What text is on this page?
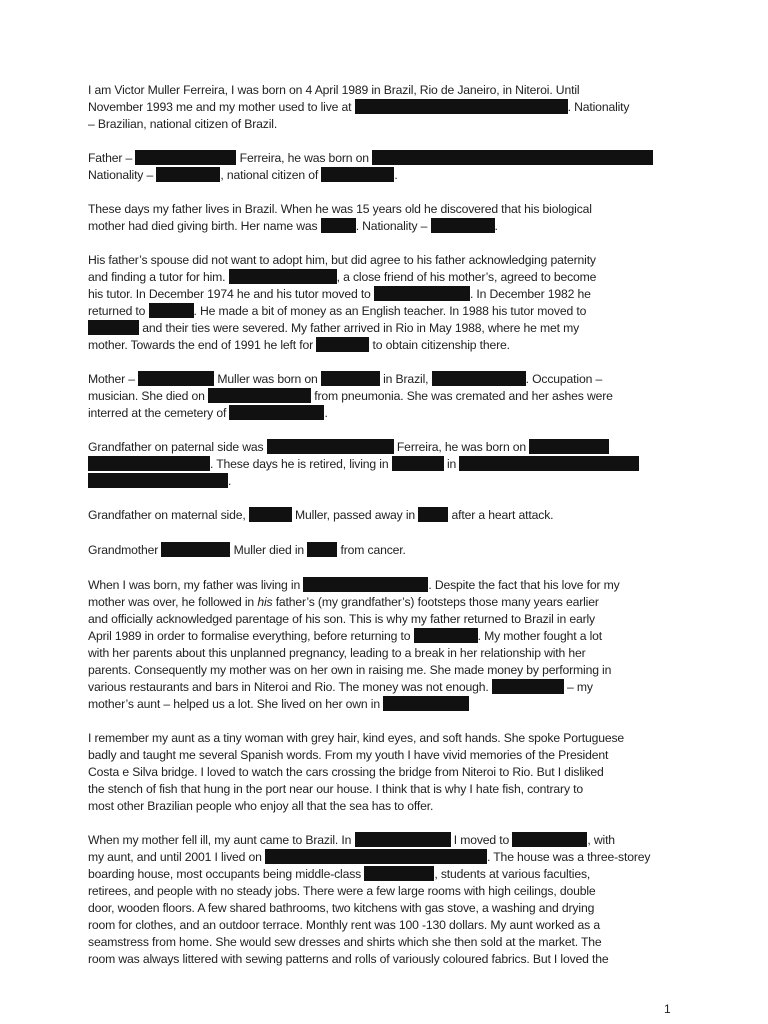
I am Victor Muller Ferreira, I was born on 4 April 1989 in Brazil, Rio de Janeiro, in Niteroi. Until
November 1993 me and my mother used to live at	. Nationality
– Brazilian, national citizen of Brazil.

Father –	Ferreira, he was born on
Nationality –	, national citizen of	.

These days my father lives in Brazil. When he was 15 years old he discovered that his biological
mother had died giving birth. Her name was	. Nationality –	.

His father’s spouse did not want to adopt him, but did agree to his father acknowledging paternity
and finding a tutor for him.	, a close friend of his mother’s, agreed to become
his tutor. In December 1974 he and his tutor moved to	. In December 1982 he
returned to	. He made a bit of money as an English teacher. In 1988 his tutor moved to
and their ties were severed. My father arrived in Rio in May 1988, where he met my
mother. Towards the end of 1991 he left for	to obtain citizenship there.

Mother –	Muller was born on	in Brazil,	. Occupation –
musician. She died on	from pneumonia. She was cremated and her ashes were
interred at the cemetery of	.

Grandfather on paternal side was	Ferreira, he was born on
. These days he is retired, living in	in
.

Grandfather on maternal side,	Muller, passed away in  after a heart attack.

Grandmother	Muller died in  from cancer.

When I was born, my father was living in	. Despite the fact that his love for my
mother was over, he followed in his father’s (my grandfather’s) footsteps those many years earlier
and officially acknowledged parentage of his son. This is why my father returned to Brazil in early
April 1989 in order to formalise everything, before returning to	. My mother fought a lot
with her parents about this unplanned pregnancy, leading to a break in her relationship with her
parents. Consequently my mother was on her own in raising me. She made money by performing in
various restaurants and bars in Niteroi and Rio. The money was not enough.	– my
mother’s aunt – helped us a lot. She lived on her own in

I remember my aunt as a tiny woman with grey hair, kind eyes, and soft hands. She spoke Portuguese
badly and taught me several Spanish words. From my youth I have vivid memories of the President
Costa e Silva bridge. I loved to watch the cars crossing the bridge from Niteroi to Rio. But I disliked
the stench of fish that hung in the port near our house. I think that is why I hate fish, contrary to
most other Brazilian people who enjoy all that the sea has to offer.

When my mother fell ill, my aunt came to Brazil. In	I moved to	, with
my aunt, and until 2001 I lived on	. The house was a three-storey
boarding house, most occupants being middle-class	, students at various faculties,
retirees, and people with no steady jobs. There were a few large rooms with high ceilings, double
door, wooden floors. A few shared bathrooms, two kitchens with gas stove, a washing and drying
room for clothes, and an outdoor terrace. Monthly rent was 100 -130 dollars. My aunt worked as a
seamstress from home. She would sew dresses and shirts which she then sold at the market. The
room was always littered with sewing patterns and rolls of variously coloured fabrics. But I loved the

1
